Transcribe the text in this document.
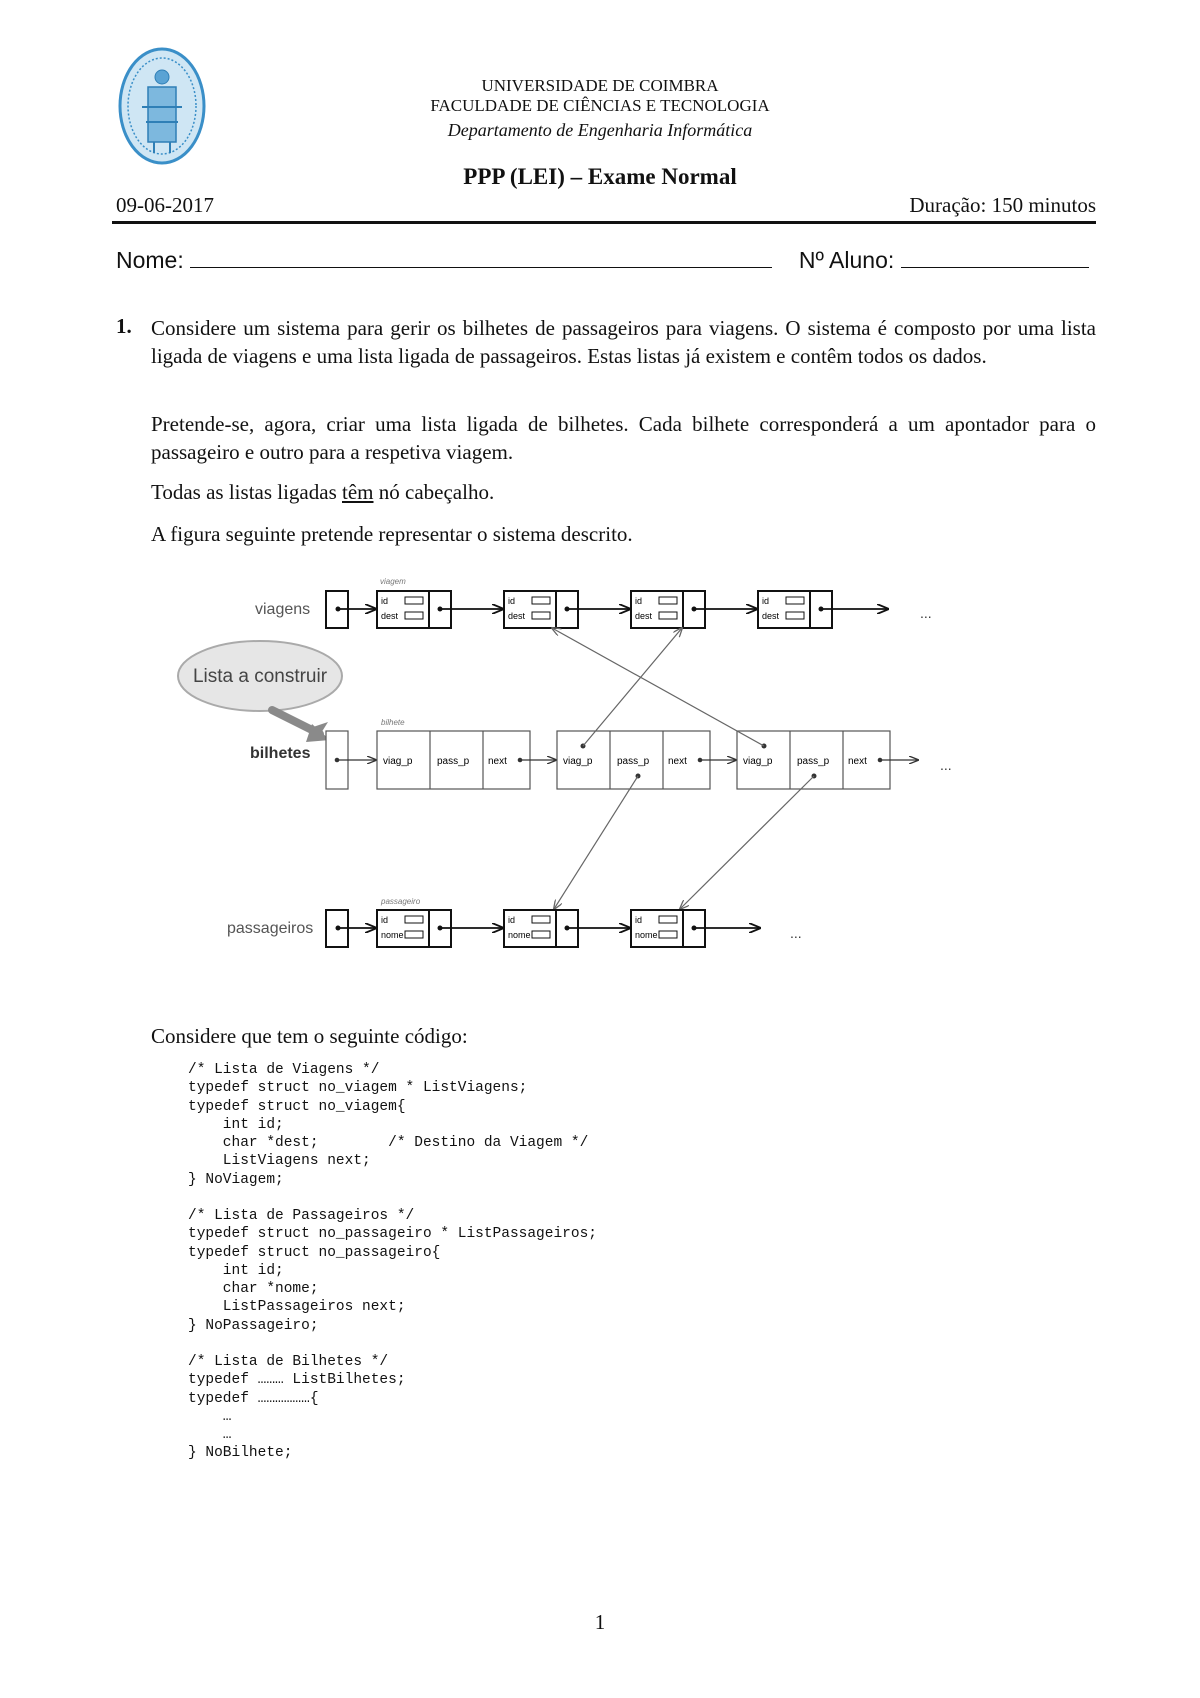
UNIVERSIDADE DE COIMBRA
FACULDADE DE CIÊNCIAS E TECNOLOGIA
Departamento de Engenharia Informática
PPP (LEI) – Exame Normal
09-06-2017	Duração: 150 minutos
Nome:	Nº Aluno:
1. Considere um sistema para gerir os bilhetes de passageiros para viagens. O sistema é composto por uma lista ligada de viagens e uma lista ligada de passageiros. Estas listas já existem e contêm todos os dados.
Pretende-se, agora, criar uma lista ligada de bilhetes. Cada bilhete corresponderá a um apontador para o passageiro e outro para a respetiva viagem.
Todas as listas ligadas têm nó cabeçalho.
A figura seguinte pretende representar o sistema descrito.
viagens
viagem
id
dest
id
dest
id
dest
id
dest	...
Lista a construir
bilhetes
bilhete
viag_p pass_p next	viag_p pass_p next	viag_p pass_p next	...
passageiros
passageiro
id
nome
id
nome
id
nome	...
Considere que tem o seguinte código:
/* Lista de Viagens */
typedef struct no_viagem * ListViagens;
typedef struct no_viagem{
int id;
char *dest;        /* Destino da Viagem */
ListViagens next;
} NoViagem;
/* Lista de Passageiros */
typedef struct no_passageiro * ListPassageiros;
typedef struct no_passageiro{
int id;
char *nome;
ListPassageiros next;
} NoPassageiro;
/* Lista de Bilhetes */
typedef ……… ListBilhetes;
typedef ………………{
…
…
} NoBilhete;
1
